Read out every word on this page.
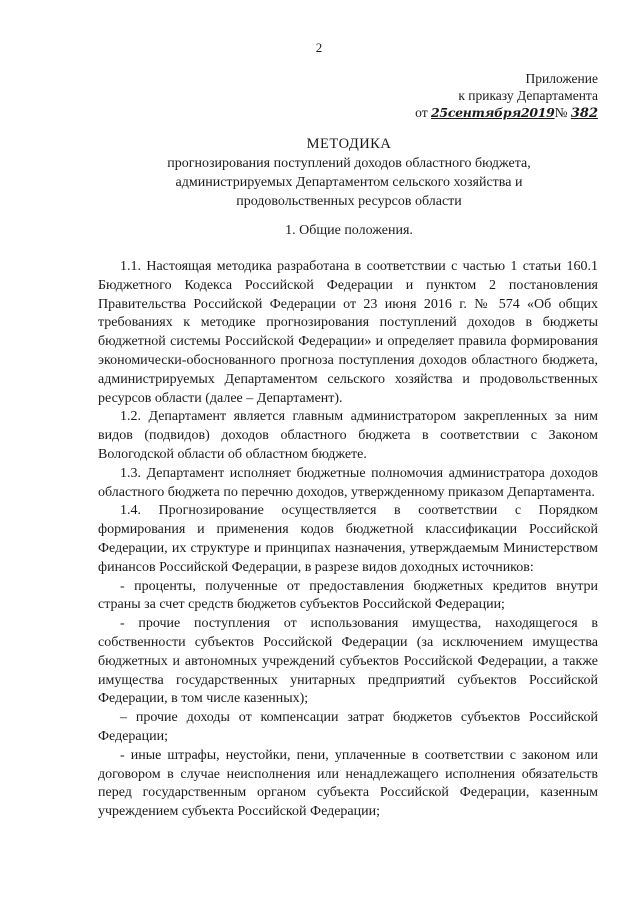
2
Приложение
к приказу Департамента
от 25сентября2019№ 382
МЕТОДИКА
прогнозирования поступлений доходов областного бюджета,
администрируемых Департаментом сельского хозяйства и
продовольственных ресурсов области
1. Общие положения.

1.1. Настоящая методика разработана в соответствии с частью 1 статьи 160.1 Бюджетного Кодекса Российской Федерации и пунктом 2 постановления Правительства Российской Федерации от 23 июня 2016 г. № 574 «Об общих требованиях к методике прогнозирования поступлений доходов в бюджеты бюджетной системы Российской Федерации» и определяет правила формирования экономически-обоснованного прогноза поступления доходов областного бюджета, администрируемых Департаментом сельского хозяйства и продовольственных ресурсов области (далее – Департамент).

1.2. Департамент является главным администратором закрепленных за ним видов (подвидов) доходов областного бюджета в соответствии с Законом Вологодской области об областном бюджете.

1.3. Департамент исполняет бюджетные полномочия администратора доходов областного бюджета по перечню доходов, утвержденному приказом Департамента.

1.4. Прогнозирование осуществляется в соответствии с Порядком формирования и применения кодов бюджетной классификации Российской Федерации, их структуре и принципах назначения, утверждаемым Министерством финансов Российской Федерации, в разрезе видов доходных источников:

- проценты, полученные от предоставления бюджетных кредитов внутри страны за счет средств бюджетов субъектов Российской Федерации;

- прочие поступления от использования имущества, находящегося в собственности субъектов Российской Федерации (за исключением имущества бюджетных и автономных учреждений субъектов Российской Федерации, а также имущества государственных унитарных предприятий субъектов Российской Федерации, в том числе казенных);

– прочие доходы от компенсации затрат бюджетов субъектов Российской Федерации;

- иные штрафы, неустойки, пени, уплаченные в соответствии с законом или договором в случае неисполнения или ненадлежащего исполнения обязательств перед государственным органом субъекта Российской Федерации, казенным учреждением субъекта Российской Федерации;
